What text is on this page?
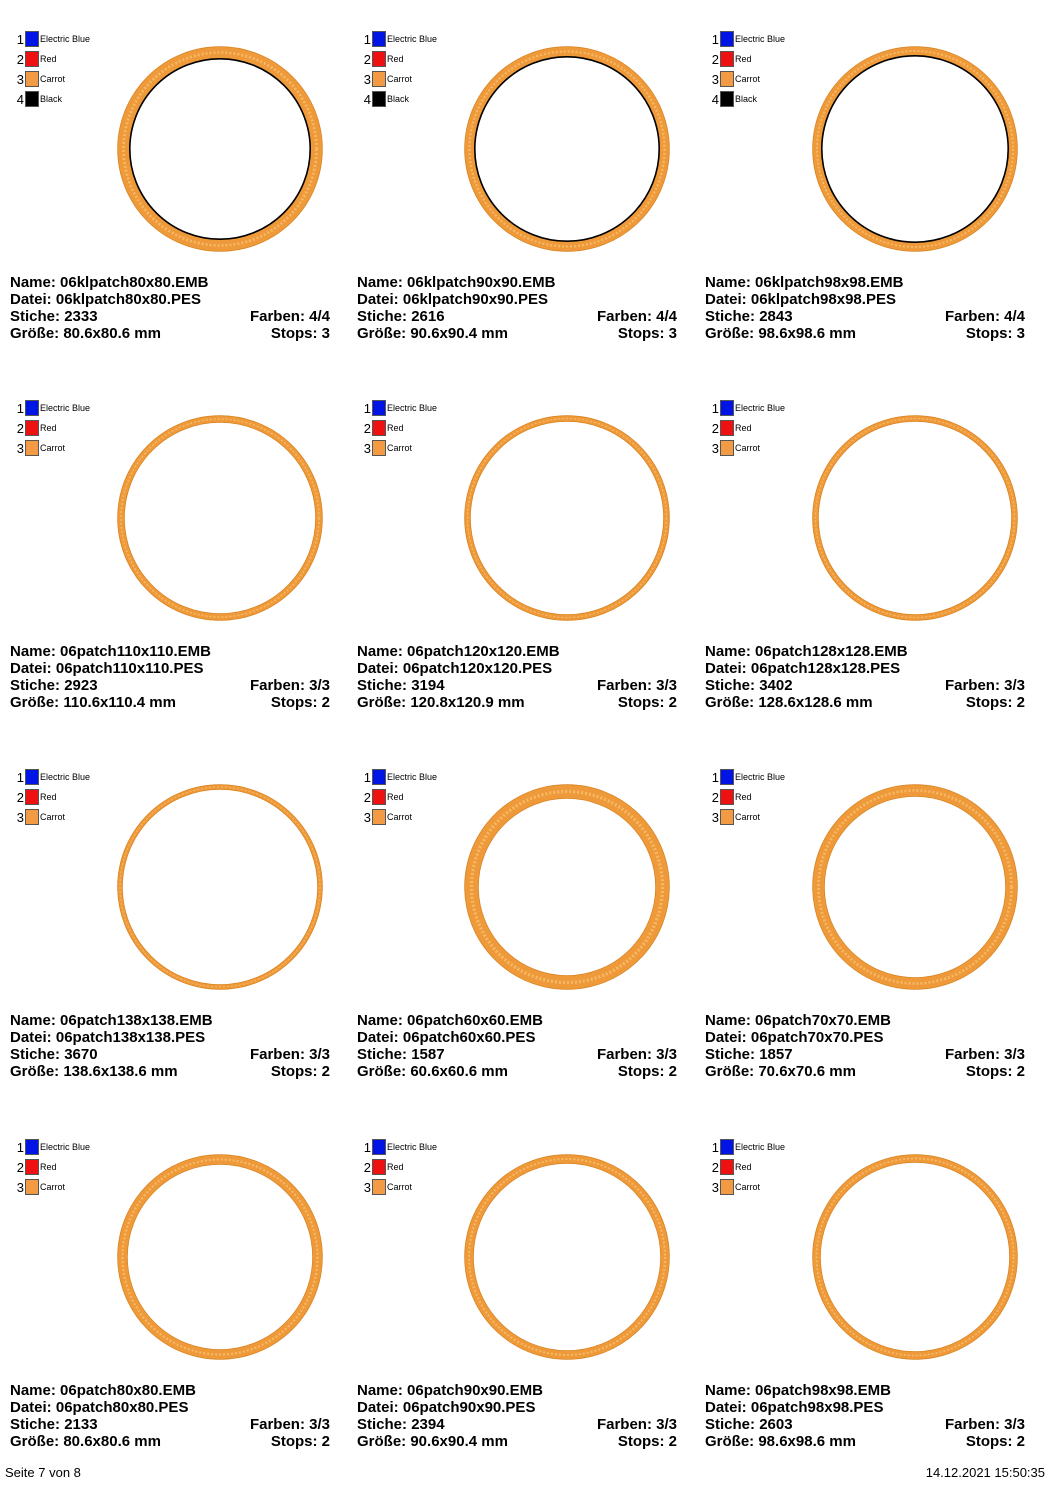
1 Electric Blue
2 Red
3 Carrot
4 Black
Name: 06klpatch80x80.EMB
Datei: 06klpatch80x80.PES
Stiche: 2333	Farben: 4/4
Größe: 80.6x80.6 mm	Stops: 3
1 Electric Blue
2 Red
3 Carrot
4 Black
Name: 06klpatch90x90.EMB
Datei: 06klpatch90x90.PES
Stiche: 2616	Farben: 4/4
Größe: 90.6x90.4 mm	Stops: 3
1 Electric Blue
2 Red
3 Carrot
4 Black
Name: 06klpatch98x98.EMB
Datei: 06klpatch98x98.PES
Stiche: 2843	Farben: 4/4
Größe: 98.6x98.6 mm	Stops: 3
1 Electric Blue
2 Red
3 Carrot
Name: 06patch110x110.EMB
Datei: 06patch110x110.PES
Stiche: 2923	Farben: 3/3
Größe: 110.6x110.4 mm	Stops: 2
1 Electric Blue
2 Red
3 Carrot
Name: 06patch120x120.EMB
Datei: 06patch120x120.PES
Stiche: 3194	Farben: 3/3
Größe: 120.8x120.9 mm	Stops: 2
1 Electric Blue
2 Red
3 Carrot
Name: 06patch128x128.EMB
Datei: 06patch128x128.PES
Stiche: 3402	Farben: 3/3
Größe: 128.6x128.6 mm	Stops: 2
1 Electric Blue
2 Red
3 Carrot
Name: 06patch138x138.EMB
Datei: 06patch138x138.PES
Stiche: 3670	Farben: 3/3
Größe: 138.6x138.6 mm	Stops: 2
1 Electric Blue
2 Red
3 Carrot
Name: 06patch60x60.EMB
Datei: 06patch60x60.PES
Stiche: 1587	Farben: 3/3
Größe: 60.6x60.6 mm	Stops: 2
1 Electric Blue
2 Red
3 Carrot
Name: 06patch70x70.EMB
Datei: 06patch70x70.PES
Stiche: 1857	Farben: 3/3
Größe: 70.6x70.6 mm	Stops: 2
1 Electric Blue
2 Red
3 Carrot
Name: 06patch80x80.EMB
Datei: 06patch80x80.PES
Stiche: 2133	Farben: 3/3
Größe: 80.6x80.6 mm	Stops: 2
1 Electric Blue
2 Red
3 Carrot
Name: 06patch90x90.EMB
Datei: 06patch90x90.PES
Stiche: 2394	Farben: 3/3
Größe: 90.6x90.4 mm	Stops: 2
1 Electric Blue
2 Red
3 Carrot
Name: 06patch98x98.EMB
Datei: 06patch98x98.PES
Stiche: 2603	Farben: 3/3
Größe: 98.6x98.6 mm	Stops: 2
Seite 7 von 8	14.12.2021 15:50:35
